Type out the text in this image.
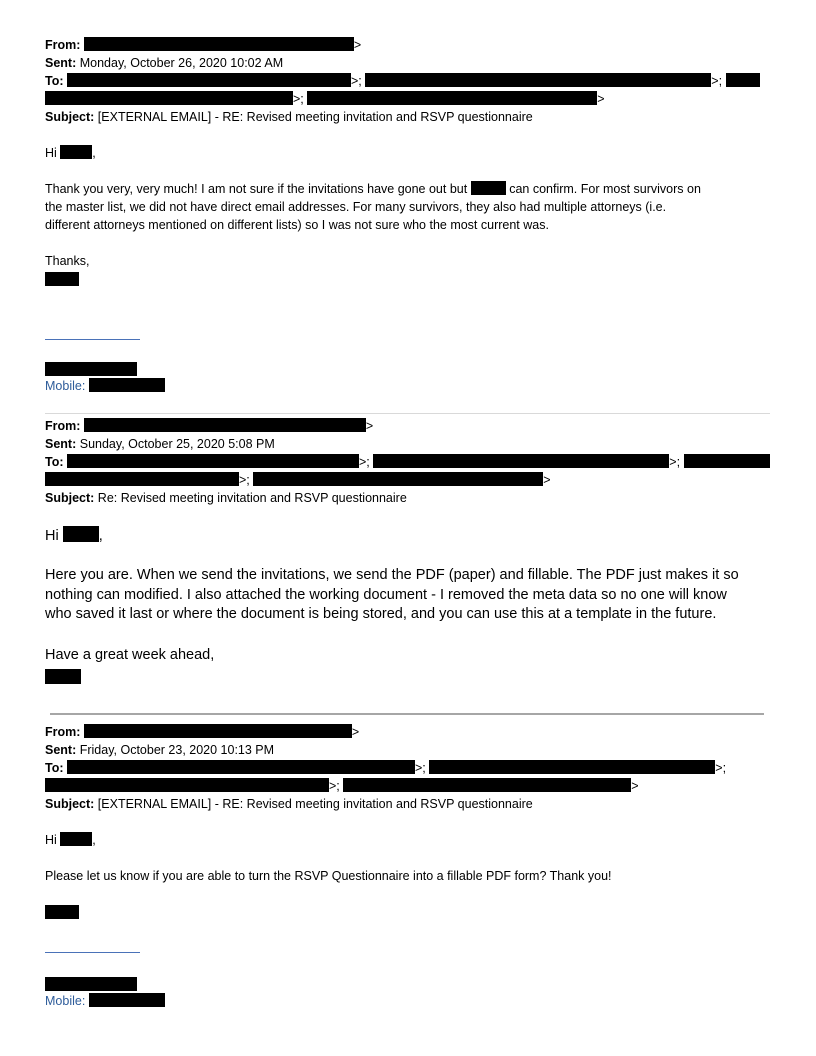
From:	>
Sent: Monday, October 26, 2020 10:02 AM
To:	>;	>;
>;	>
Subject: [EXTERNAL EMAIL] - RE: Revised meeting invitation and RSVP questionnaire
Hi	,
Thank you very, very much! I am not sure if the invitations have gone out but	can confirm. For most survivors on
the master list, we did not have direct email addresses. For many survivors, they also had multiple attorneys (i.e.
different attorneys mentioned on different lists) so I was not sure who the most current was.
Thanks,
Mobile:
From:	>
Sent: Sunday, October 25, 2020 5:08 PM
To:	>;	>;
>;	>
Subject: Re: Revised meeting invitation and RSVP questionnaire
Hi	,
Here you are. When we send the invitations, we send the PDF (paper) and fillable. The PDF just makes it so
nothing can modified. I also attached the working document - I removed the meta data so no one will know
who saved it last or where the document is being stored, and you can use this at a template in the future.
Have a great week ahead,
From:	>
Sent: Friday, October 23, 2020 10:13 PM
To:	>;	>;
>;	>
Subject: [EXTERNAL EMAIL] - RE: Revised meeting invitation and RSVP questionnaire
Hi	,
Please let us know if you are able to turn the RSVP Questionnaire into a fillable PDF form? Thank you!
Mobile:
